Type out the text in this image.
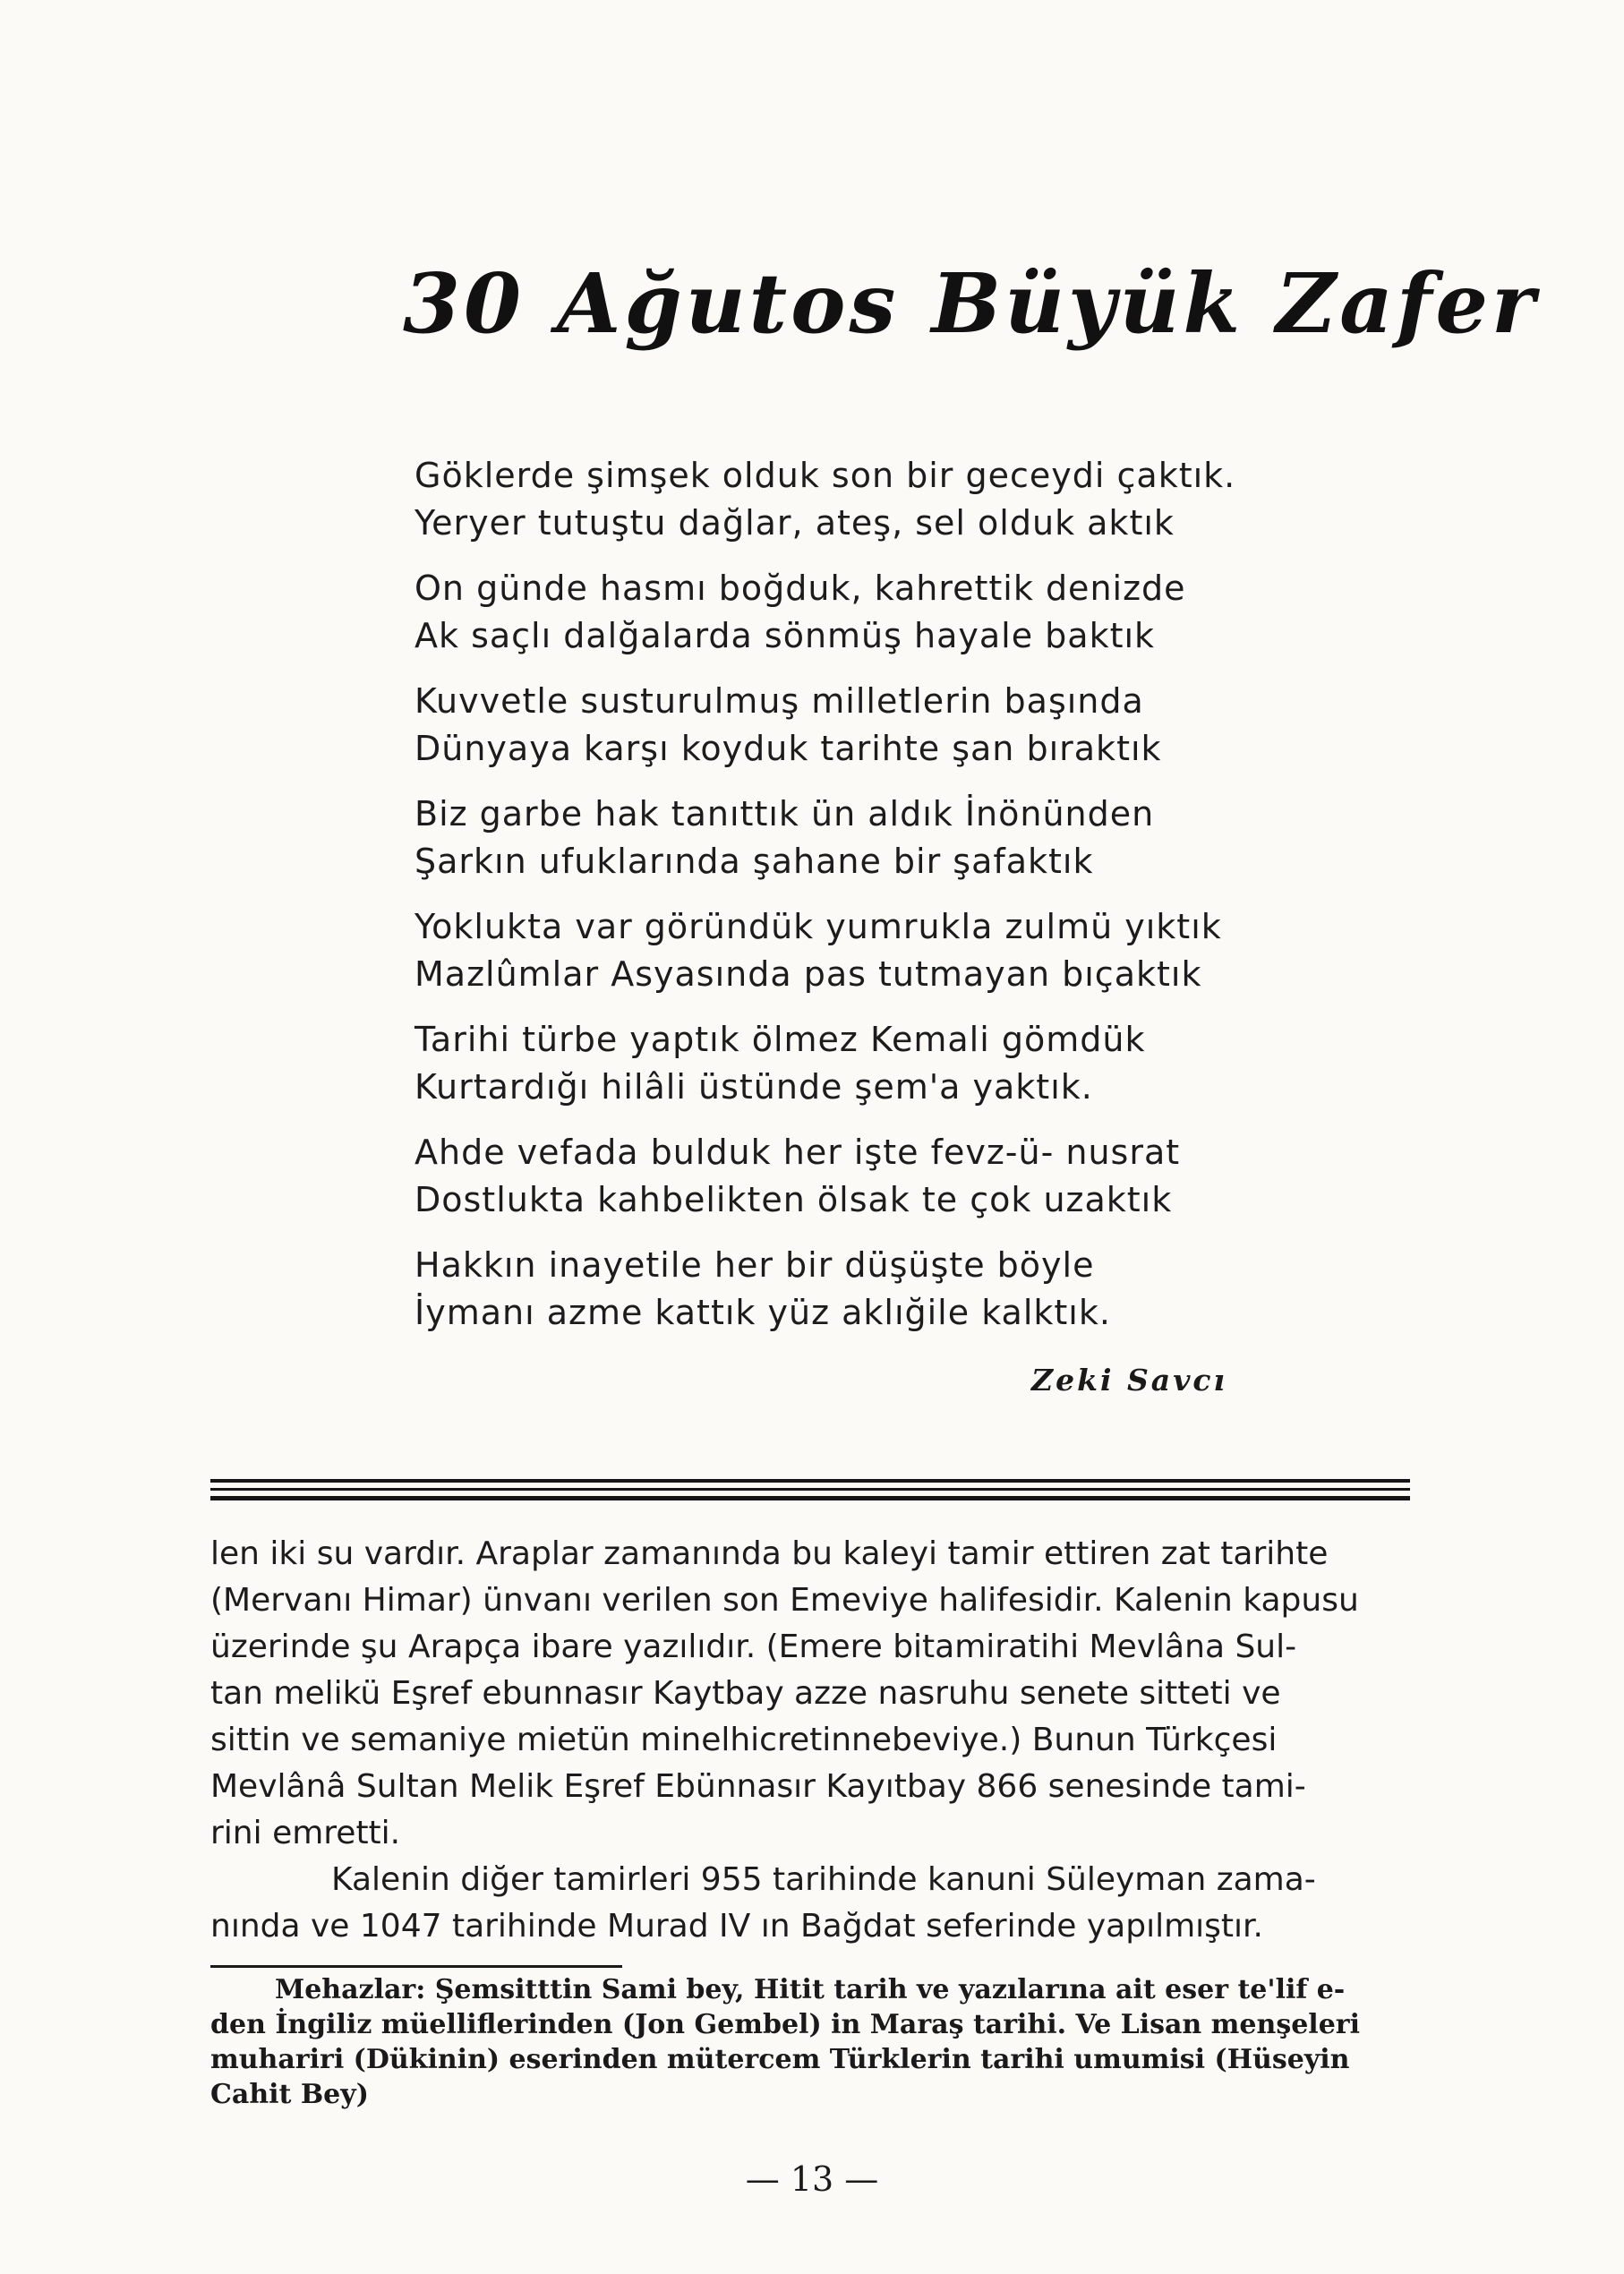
30 Ağutos Büyük Zafer
Göklerde şimşek olduk son bir geceydi çaktık.
Yeryer tutuştu dağlar, ateş, sel olduk aktık
On günde hasmı boğduk, kahrettik denizde
Ak saçlı dalğalarda sönmüş hayale baktık
Kuvvetle susturulmuş milletlerin başında
Dünyaya karşı koyduk tarihte şan bıraktık
Biz garbe hak tanıttık ün aldık İnönünden
Şarkın ufuklarında şahane bir şafaktık
Yoklukta var göründük yumrukla zulmü yıktık
Mazlûmlar Asyasında pas tutmayan bıçaktık
Tarihi türbe yaptık ölmez Kemali gömdük
Kurtardığı hilâli üstünde şem'a yaktık.
Ahde vefada bulduk her işte fevz-ü- nusrat
Dostlukta kahbelikten ölsak te çok uzaktık
Hakkın inayetile her bir düşüşte böyle
İymanı azme kattık yüz aklığile kalktık.
Zeki Savcı
len iki su vardır. Araplar zamanında bu kaleyi tamir ettiren zat tarihte
(Mervanı Himar) ünvanı verilen son Emeviye halifesidir. Kalenin kapusu
üzerinde şu Arapça ibare yazılıdır. (Emere bitamiratihi Mevlâna Sul-
tan melikü Eşref ebunnasır Kaytbay azze nasruhu senete sitteti ve
sittin ve semaniye mietün minelhicretinnebeviye.) Bunun Türkçesi
Mevlânâ Sultan Melik Eşref Ebünnasır Kayıtbay 866 senesinde tami-
rini emretti.
Kalenin diğer tamirleri 955 tarihinde kanuni Süleyman zama-
nında ve 1047 tarihinde Murad IV ın Bağdat seferinde yapılmıştır.
Mehazlar: Şemsitttin Sami bey, Hitit tarih ve yazılarına ait eser te'lif e-
den İngiliz müelliflerinden (Jon Gembel) in Maraş tarihi. Ve Lisan menşeleri
muhariri (Dükinin) eserinden mütercem Türklerin tarihi umumisi (Hüseyin
Cahit Bey)
— 13 —
